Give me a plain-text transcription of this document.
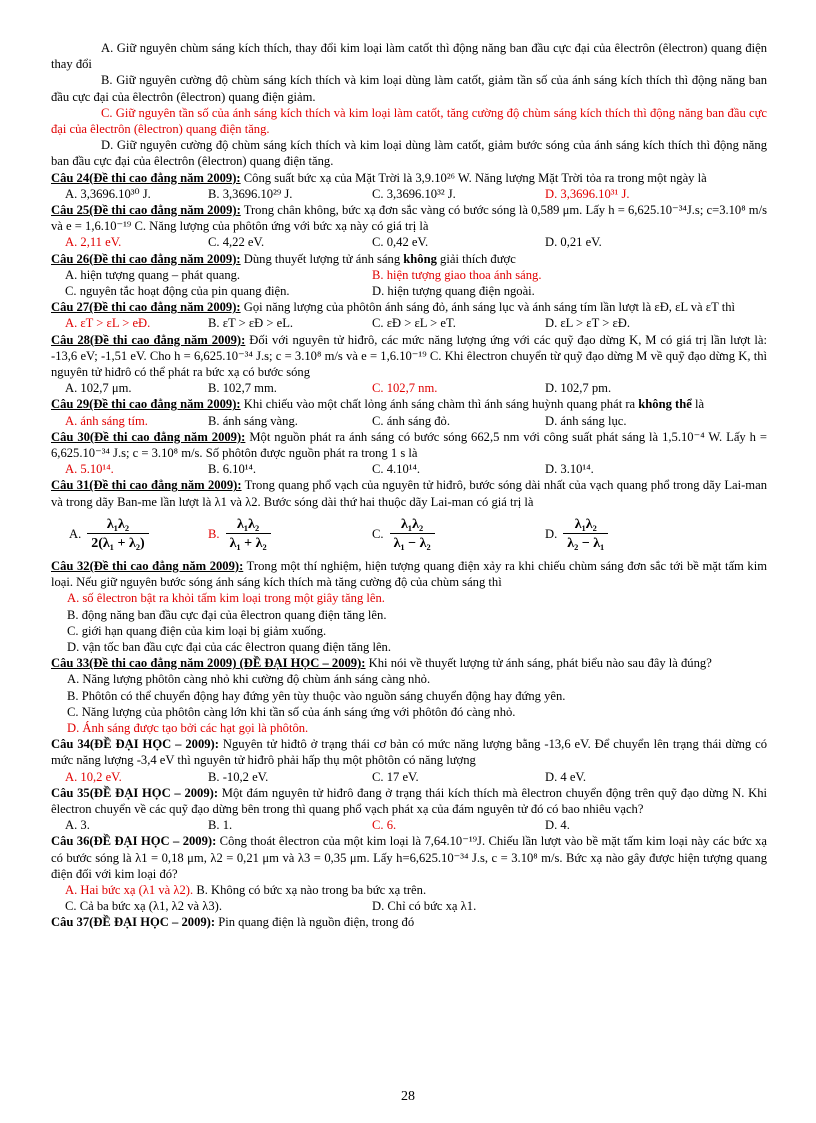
A. Giữ nguyên chùm sáng kích thích, thay đổi kim loại làm catốt thì động năng ban đầu cực đại của êlectrôn (êlectron) quang điện thay đổi

B. Giữ nguyên cường độ chùm sáng kích thích và kim loại dùng làm catốt, giảm tần số của ánh sáng kích thích thì động năng ban đầu cực đại của êlectrôn (êlectron) quang điện giảm.

C. Giữ nguyên tần số của ánh sáng kích thích và kim loại làm catốt, tăng cường độ chùm sáng kích thích thì động năng ban đầu cực đại của êlectrôn (êlectron) quang điện tăng.

D. Giữ nguyên cường độ chùm sáng kích thích và kim loại dùng làm catốt, giảm bước sóng của ánh sáng kích thích thì động năng ban đầu cực đại của êlectrôn (êlectron) quang điện tăng.

Câu 24(Đề thi cao đẳng năm 2009): Công suất bức xạ của Mặt Trời là 3,9.10²⁶ W. Năng lượng Mặt Trời tỏa ra trong một ngày là

A. 3,3696.10³⁰ J.	B. 3,3696.10²⁹ J.	C. 3,3696.10³² J.	D. 3,3696.10³¹ J.

Câu 25(Đề thi cao đẳng năm 2009): Trong chân không, bức xạ đơn sắc vàng có bước sóng là 0,589 μm. Lấy h = 6,625.10⁻³⁴J.s; c=3.10⁸ m/s và e = 1,6.10⁻¹⁹ C. Năng lượng của phôtôn ứng với bức xạ này có giá trị là

A. 2,11 eV.	C. 4,22 eV.	C. 0,42 eV.	D. 0,21 eV.

Câu 26(Đề thi cao đẳng năm 2009): Dùng thuyết lượng tử ánh sáng không giải thích được

A. hiện tượng quang – phát quang.	B. hiện tượng giao thoa ánh sáng.
C. nguyên tắc hoạt động của pin quang điện.	D. hiện tượng quang điện ngoài.

Câu 27(Đề thi cao đẳng năm 2009): Gọi năng lượng của phôtôn ánh sáng đỏ, ánh sáng lục và ánh sáng tím lần lượt là εĐ, εL và εT thì

A. εT > εL > eĐ.	B. εT > εĐ > eL.	C. εĐ > εL > eT.	D. εL > εT > εĐ.

Câu 28(Đề thi cao đẳng năm 2009): Đối với nguyên tử hiđrô, các mức năng lượng ứng với các quỹ đạo dừng K, M có giá trị lần lượt là: -13,6 eV; -1,51 eV. Cho h = 6,625.10⁻³⁴ J.s; c = 3.10⁸ m/s và e = 1,6.10⁻¹⁹ C. Khi êlectron chuyển từ quỹ đạo dừng M về quỹ đạo dừng K, thì nguyên tử hiđrô có thể phát ra bức xạ có bước sóng

A. 102,7 μm.	B. 102,7 mm.	C. 102,7 nm.	D. 102,7 pm.

Câu 29(Đề thi cao đẳng năm 2009): Khi chiếu vào một chất lỏng ánh sáng chàm thì ánh sáng huỳnh quang phát ra không thể là

A. ánh sáng tím.	B. ánh sáng vàng.	C. ánh sáng đỏ.	D. ánh sáng lục.

Câu 30(Đề thi cao đẳng năm 2009): Một nguồn phát ra ánh sáng có bước sóng 662,5 nm với công suất phát sáng là 1,5.10⁻⁴ W. Lấy h = 6,625.10⁻³⁴ J.s; c = 3.10⁸ m/s. Số phôtôn được nguồn phát ra trong 1 s là

A. 5.10¹⁴.	B. 6.10¹⁴.	C. 4.10¹⁴.	D. 3.10¹⁴.

Câu 31(Đề thi cao đẳng năm 2009): Trong quang phổ vạch của nguyên tử hiđrô, bước sóng dài nhất của vạch quang phổ trong dãy Lai-man và trong dãy Ban-me lần lượt là λ1 và λ2. Bước sóng dài thứ hai thuộc dãy Lai-man có giá trị là

A. $\frac{\text{λ₁λ₂}}{\text{2(λ₁ + λ₂)}}$	B. $\frac{\text{λ₁λ₂}}{\text{λ₁ + λ₂}}$	C. $\frac{\text{λ₁λ₂}}{\text{λ₁ − λ₂}}$	D. $\frac{\text{λ₁λ₂}}{\text{λ₂ − λ₁}}$

Câu 32(Đề thi cao đẳng năm 2009): Trong một thí nghiệm, hiện tượng quang điện xảy ra khi chiếu chùm sáng đơn sắc tới bề mặt tấm kim loại. Nếu giữ nguyên bước sóng ánh sáng kích thích mà tăng cường độ của chùm sáng thì

A. số êlectron bật ra khỏi tấm kim loại trong một giây tăng lên.

B. động năng ban đầu cực đại của êlectron quang điện tăng lên.

C. giới hạn quang điện của kim loại bị giảm xuống.

D. vận tốc ban đầu cực đại của các êlectron quang điện tăng lên.

Câu 33(Đề thi cao đẳng năm 2009) (ĐỀ ĐẠI HỌC – 2009): Khi nói về thuyết lượng tử ánh sáng, phát biểu nào sau đây là đúng?

A. Năng lượng phôtôn càng nhỏ khi cường độ chùm ánh sáng càng nhỏ.

B. Phôtôn có thể chuyển động hay đứng yên tùy thuộc vào nguồn sáng chuyển động hay đứng yên.

C. Năng lượng của phôtôn càng lớn khi tần số của ánh sáng ứng với phôtôn đó càng nhỏ.

D. Ánh sáng được tạo bởi các hạt gọi là phôtôn.

Câu 34(ĐỀ ĐẠI HỌC – 2009): Nguyên tử hiđtô ở trạng thái cơ bản có mức năng lượng bằng -13,6 eV. Để chuyển lên trạng thái dừng có mức năng lượng -3,4 eV thì nguyên tử hiđrô phải hấp thụ một phôtôn có năng lượng

A. 10,2 eV.	B. -10,2 eV.	C. 17 eV.	D. 4 eV.

Câu 35(ĐỀ ĐẠI HỌC – 2009): Một đám nguyên tử hiđrô đang ở trạng thái kích thích mà êlectron chuyển động trên quỹ đạo dừng N. Khi êlectron chuyển về các quỹ đạo dừng bên trong thì quang phổ vạch phát xạ của đám nguyên tử đó có bao nhiêu vạch?

A. 3.	B. 1.	C. 6.	D. 4.

Câu 36(ĐỀ ĐẠI HỌC – 2009): Công thoát êlectron của một kim loại là 7,64.10⁻¹⁹J. Chiếu lần lượt vào bề mặt tấm kim loại này các bức xạ có bước sóng là λ1 = 0,18 μm, λ2 = 0,21 μm và λ3 = 0,35 μm. Lấy h=6,625.10⁻³⁴ J.s, c = 3.10⁸ m/s. Bức xạ nào gây được hiện tượng quang điện đối với kim loại đó?

A. Hai bức xạ (λ1 và λ2).
B. Không có bức xạ nào trong ba bức xạ trên.
C. Cả ba bức xạ (λ1, λ2 và λ3).	D. Chỉ có bức xạ λ1.

Câu 37(ĐỀ ĐẠI HỌC – 2009): Pin quang điện là nguồn điện, trong đó

28
